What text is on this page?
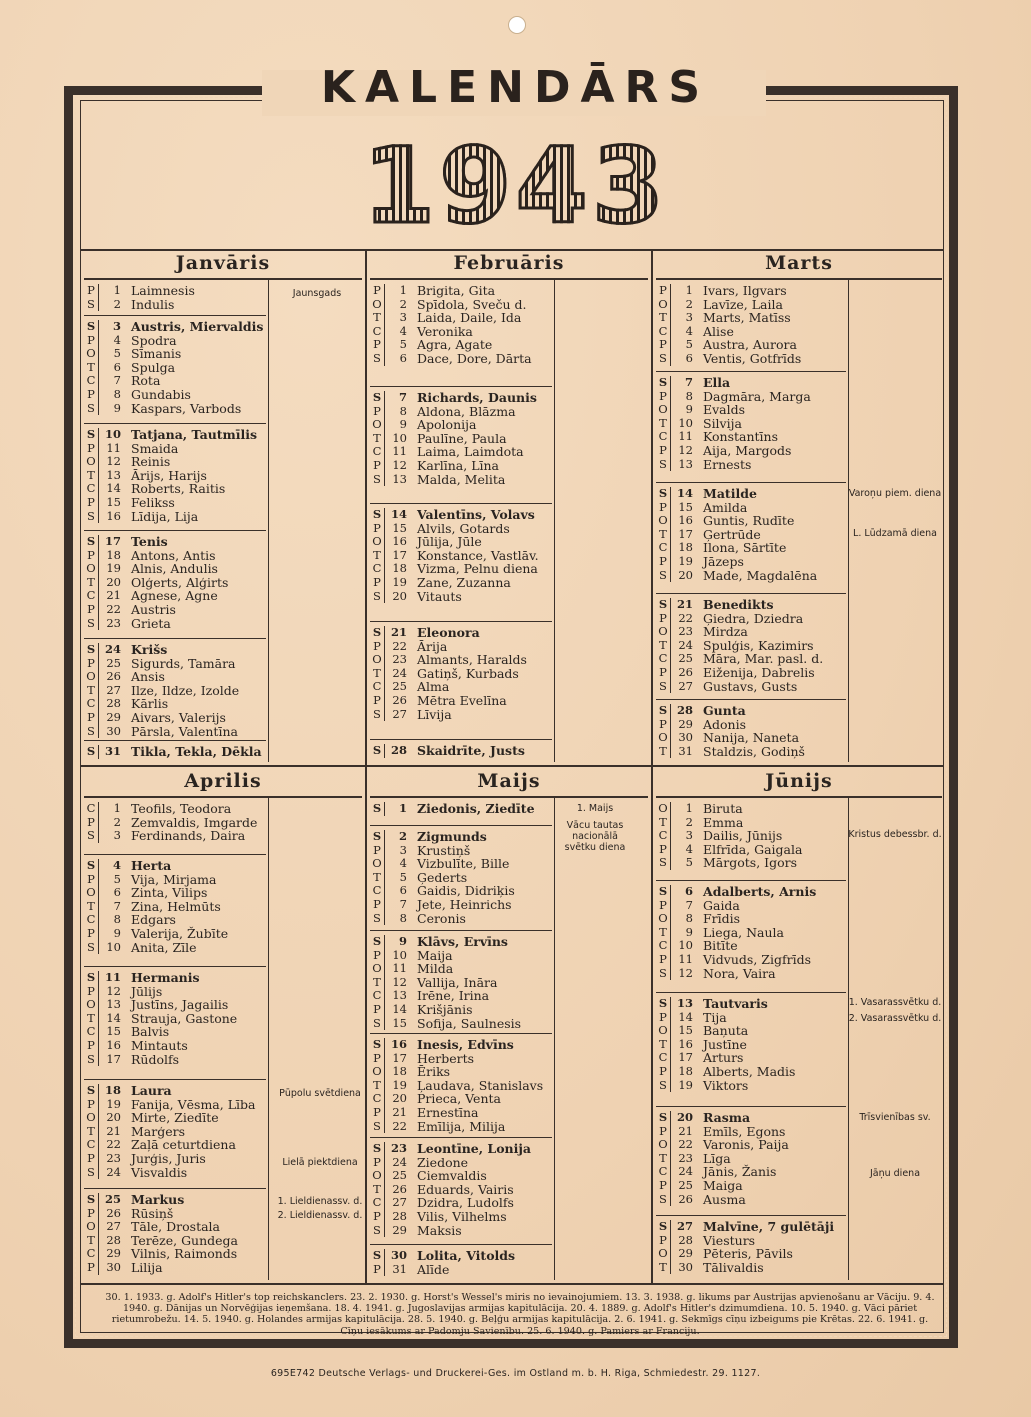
KALENDĀRS
1943
Janvāris
P	1 Laimnesis
S	2 Indulis
S	3 Austris, Miervaldis
P	4 Spodra
O	5 Sīmanis
T	6 Spulga
C	7 Rota
P	8 Gundabis
S	9 Kaspars, Varbods
S 10 Tatjana, Tautmīlis
P 11 Smaida
O 12 Reinis
T	13 Ārijs, Harijs
C 14 Roberts, Raitis
P 15 Felikss
S 16 Līdija, Lija
S 17 Tenis
P 18 Antons, Antis
O 19 Alnis, Andulis
T	20 Olģerts, Alģirts
C 21 Agnese, Agne
P 22 Austris
S 23 Grieta
S 24 Krišs
P 25 Sigurds, Tamāra
O 26 Ansis
T	27 Ilze, Ildze, Izolde
C 28 Kārlis
P 29 Aivars, Valerijs
S 30 Pārsla, Valentīna
S 31 Tikla, Tekla, Dēkla
Jaunsgads
Februāris
P	1 Brigita, Gita
O	2 Spīdola, Sveču d.
T	3 Laida, Daile, Ida
C	4 Veronika
P	5 Agra, Agate
S	6 Dace, Dore, Dārta
S	7 Richards, Daunis
P	8 Aldona, Blāzma
O	9 Apolonija
T	10 Paulīne, Paula
C 11 Laima, Laimdota
P 12 Karlīna, Līna
S 13 Malda, Melita
S 14 Valentīns, Volavs
P 15 Alvils, Gotards
O 16 Jūlija, Jūle
T	17 Konstance, Vastlāv.
C 18 Vizma, Pelnu diena
P 19 Zane, Zuzanna
S 20 Vitauts
S 21 Eleonora
P 22 Ārija
O 23 Almants, Haralds
T	24 Gatiņš, Kurbads
C 25 Alma
P 26 Mētra Evelīna
S 27 Līvija
S 28 Skaidrīte, Justs
Marts
P	1 Ivars, Ilgvars
O	2 Lavīze, Laila
T	3 Marts, Matīss
C	4 Alise
P	5 Austra, Aurora
S	6 Ventis, Gotfrīds
S	7 Ella
P	8 Dagmāra, Marga
O	9 Evalds
T	10 Silvija
C 11 Konstantīns
P 12 Aija, Margods
S 13 Ernests
S 14 Matilde
P 15 Amilda
O 16 Guntis, Rudīte
T	17 Ģertrūde
C 18 Ilona, Sārtīte
P 19 Jāzeps
S 20 Made, Magdalēna
S 21 Benedikts
P 22 Ģiedra, Dziedra
O 23 Mirdza
T	24 Spulģis, Kazimirs
C 25 Māra, Mar. pasl. d.
P 26 Eiženija, Dabrelis
S 27 Gustavs, Gusts
S 28 Gunta
P 29 Adonis
O 30 Nanija, Naneta
T	31 Staldzis, Godiņš
Varoņu piem. diena
L. Lūdzamā diena
Aprilis
C	1 Teofils, Teodora
P	2 Zemvaldis, Imgarde
S	3 Ferdinands, Daira
S	4 Herta
P	5 Vija, Mirjama
O	6 Zinta, Vilips
T	7 Zina, Helmūts
C	8 Edgars
P	9 Valerija, Žubīte
S 10 Anita, Zīle
S 11 Hermanis
P 12 Jūlijs
O 13 Justīns, Jagailis
T	14 Strauja, Gastone
C 15 Balvis
P 16 Mintauts
S 17 Rūdolfs
S 18 Laura
P 19 Fanija, Vēsma, Lība
O 20 Mirte, Ziedīte
T	21 Marģers
C 22 Zaļā ceturtdiena
P 23 Jurģis, Juris
S 24 Visvaldis
S 25 Markus
P 26 Rūsiņš
O 27 Tāle, Drostala
T	28 Terēze, Gundega
C 29 Vilnis, Raimonds
P 30 Lilija
Pūpolu svētdiena
Lielā piektdiena
1. Lieldienassv. d.
2. Lieldienassv. d.
Maijs
S	1 Ziedonis, Ziedīte
S	2 Zigmunds
P	3 Krustiņš
O	4 Vizbulīte, Bille
T	5 Ģederts
C	6 Gaidis, Didriķis
P	7 Jete, Heinrichs
S	8 Ceronis
S	9 Klāvs, Ervīns
P 10 Maija
O 11 Milda
T	12 Vallija, Ināra
C 13 Irēne, Irina
P 14 Krišjānis
S 15 Sofija, Saulnesis
S 16 Inesis, Edvīns
P 17 Herberts
O 18 Ēriks
T	19 Ļaudava, Stanislavs
C 20 Prieca, Venta
P 21 Ernestīna
S 22 Emīlija, Milija
S 23 Leontīne, Lonija
P 24 Ziedone
O 25 Ciemvaldis
T	26 Eduards, Vairis
C 27 Dzidra, Ludolfs
P 28 Vilis, Vilhelms
S 29 Maksis
S 30 Lolita, Vitolds
P 31 Alīde
1. Maijs
Vācu tautas nacionālā svētku diena
Jūnijs
O	1 Biruta
T	2 Emma
C	3 Dailis, Jūnijs
P	4 Elfrīda, Gaigala
S	5 Mārgots, Igors
S	6 Adalberts, Arnis
P	7 Gaida
O	8 Frīdis
T	9 Liega, Naula
C 10 Bitīte
P 11 Vidvuds, Zigfrīds
S 12 Nora, Vaira
S 13 Tautvaris
P 14 Tija
O 15 Baņuta
T	16 Justīne
C 17 Arturs
P 18 Alberts, Madis
S 19 Viktors
S 20 Rasma
P 21 Emīls, Egons
O 22 Varonis, Paija
T	23 Līga
C 24 Jānis, Žanis
P 25 Maiga
S 26 Ausma
S 27 Malvīne, 7 gulētāji
P 28 Viesturs
O 29 Pēteris, Pāvils
T	30 Tālivaldis
Kristus debessbr. d.
1. Vasarassvētku d.
2. Vasarassvētku d.
Trīsvienības sv.
Jāņu diena
30. 1. 1933. g. Adolf's Hitler's top reichskanclers. 23. 2. 1930. g. Horst's Wessel's miris no ievainojumiem. 13. 3. 1938. g. likums par Austrijas apvienošanu ar Vāciju. 9. 4. 1940. g. Dānijas un Norvēģijas ieņemšana. 18. 4. 1941. g. Jugoslavijas armijas kapitulācija. 20. 4. 1889. g. Adolf's Hitler's dzimumdiena. 10. 5. 1940. g. Vāci pāriet rietumrobežu. 14. 5. 1940. g. Holandes armijas kapitulācija. 28. 5. 1940. g. Beļģu armijas kapitulācija. 2. 6. 1941. g. Sekmīgs cīņu izbeigums pie Krētas. 22. 6. 1941. g. Cīņu iesākums ar Padomju Savienību. 25. 6. 1940. g. Pamiers ar Franciju.
695E742 Deutsche Verlags- und Druckerei-Ges. im Ostland m. b. H. Riga, Schmiedestr. 29. 1127.
